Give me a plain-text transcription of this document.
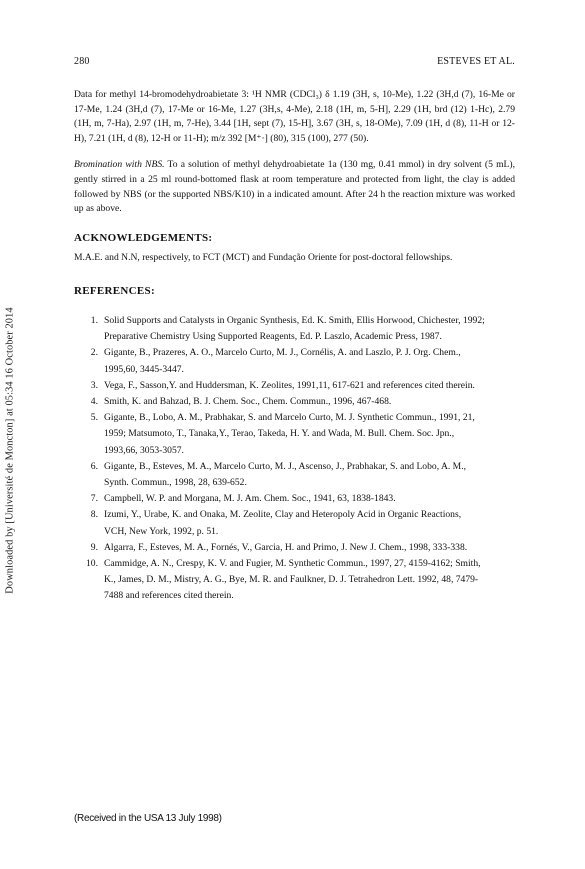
Downloaded by [Université de Moncton] at 05:34 16 October 2014
280	ESTEVES ET AL.

Data for methyl 14-bromodehydroabietate 3: ¹H NMR (CDCl₃) δ 1.19 (3H, s, 10-Me), 1.22 (3H,d (7), 16-Me or 17-Me, 1.24 (3H,d (7), 17-Me or 16-Me, 1.27 (3H,s, 4-Me), 2.18 (1H, m, 5-H], 2.29 (1H, brd (12) 1-Hc), 2.79 (1H, m, 7-Ha), 2.97 (1H, m, 7-He), 3.44 [1H, sept (7), 15-H], 3.67 (3H, s, 18-OMe), 7.09 (1H, d (8), 11-H or 12-H), 7.21 (1H, d (8), 12-H or 11-H); m/z 392 [M⁺·] (80), 315 (100), 277 (50).

Bromination with NBS. To a solution of methyl dehydroabietate 1a (130 mg, 0.41 mmol) in dry solvent (5 mL), gently stirred in a 25 ml round-bottomed flask at room temperature and protected from light, the clay is added followed by NBS (or the supported NBS/K10) in a indicated amount. After 24 h the reaction mixture was worked up as above.

ACKNOWLEDGEMENTS:

M.A.E. and N.N, respectively, to FCT (MCT) and Fundação Oriente for post-doctoral fellowships.

REFERENCES:
1. Solid Supports and Catalysts in Organic Synthesis, Ed. K. Smith, Ellis Horwood, Chichester, 1992; Preparative Chemistry Using Supported Reagents, Ed. P. Laszlo, Academic Press, 1987.
2. Gigante, B., Prazeres, A. O., Marcelo Curto, M. J., Cornélis, A. and Laszlo, P. J. Org. Chem., 1995,60, 3445-3447.
3. Vega, F., Sasson,Y. and Huddersman, K. Zeolites, 1991,11, 617-621 and references cited therein.
4. Smith, K. and Bahzad, B. J. Chem. Soc., Chem. Commun., 1996, 467-468.
5. Gigante, B., Lobo, A. M., Prabhakar, S. and Marcelo Curto, M. J. Synthetic Commun., 1991, 21, 1959; Matsumoto, T., Tanaka,Y., Terao, Takeda, H. Y. and Wada, M. Bull. Chem. Soc. Jpn., 1993,66, 3053-3057.
6. Gigante, B., Esteves, M. A., Marcelo Curto, M. J., Ascenso, J., Prabhakar, S. and Lobo, A. M., Synth. Commun., 1998, 28, 639-652.
7. Campbell, W. P. and Morgana, M. J. Am. Chem. Soc., 1941, 63, 1838-1843.
8. Izumi, Y., Urabe, K. and Onaka, M. Zeolite, Clay and Heteropoly Acid in Organic Reactions, VCH, New York, 1992, p. 51.
9. Algarra, F., Esteves, M. A., Fornés, V., Garcia, H. and Primo, J. New J. Chem., 1998, 333-338.
10. Cammidge, A. N., Crespy, K. V. and Fugier, M. Synthetic Commun., 1997, 27, 4159-4162; Smith, K., James, D. M., Mistry, A. G., Bye, M. R. and Faulkner, D. J. Tetrahedron Lett. 1992, 48, 7479-7488 and references cited therein.
(Received in the USA 13 July 1998)
